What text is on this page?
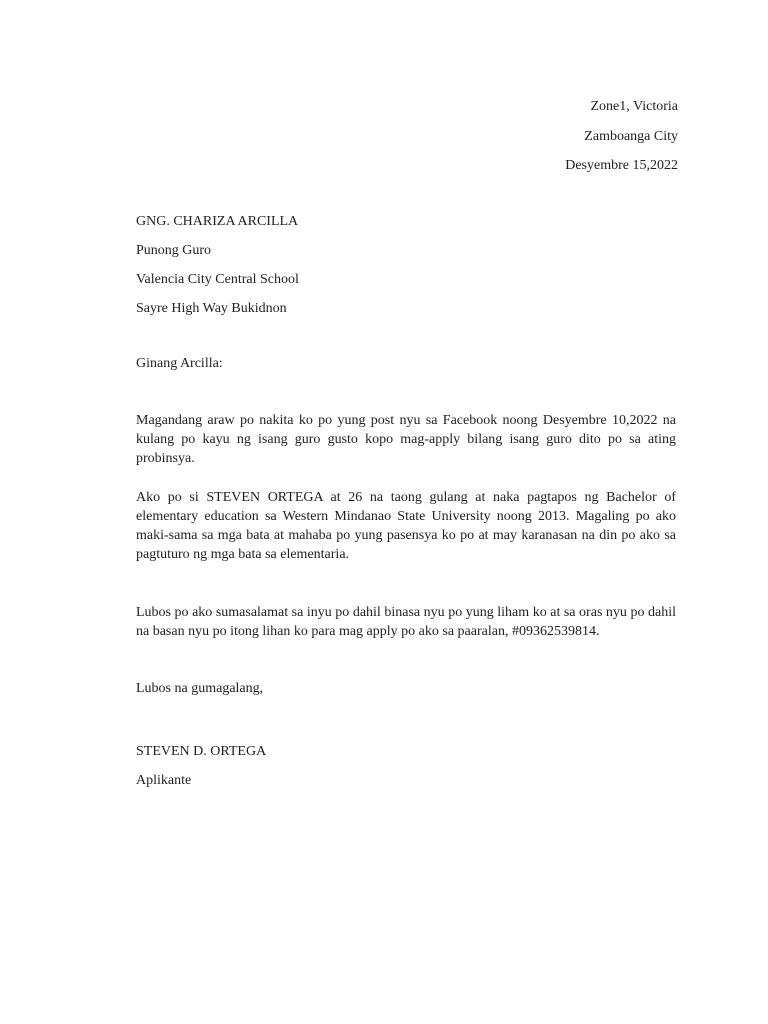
Zone1, Victoria
Zamboanga City
Desyembre 15,2022
GNG. CHARIZA ARCILLA
Punong Guro
Valencia City Central School
Sayre High Way Bukidnon
Ginang Arcilla:
Magandang araw po nakita ko po yung post nyu sa Facebook noong Desyembre 10,2022 na kulang po kayu ng isang guro gusto kopo mag-apply bilang isang guro dito po sa ating probinsya.
Ako po si STEVEN ORTEGA at 26 na taong gulang at naka pagtapos ng Bachelor of elementary education sa Western Mindanao State University noong 2013. Magaling po ako maki-sama sa mga bata at mahaba po yung pasensya ko po at may karanasan na din po ako sa pagtuturo ng mga bata sa elementaria.
Lubos po ako sumasalamat sa inyu po dahil binasa nyu po yung liham ko at sa oras nyu po dahil na basan nyu po itong lihan ko para mag apply po ako sa paaralan, #09362539814.
Lubos na gumagalang,
STEVEN D. ORTEGA
Aplikante
